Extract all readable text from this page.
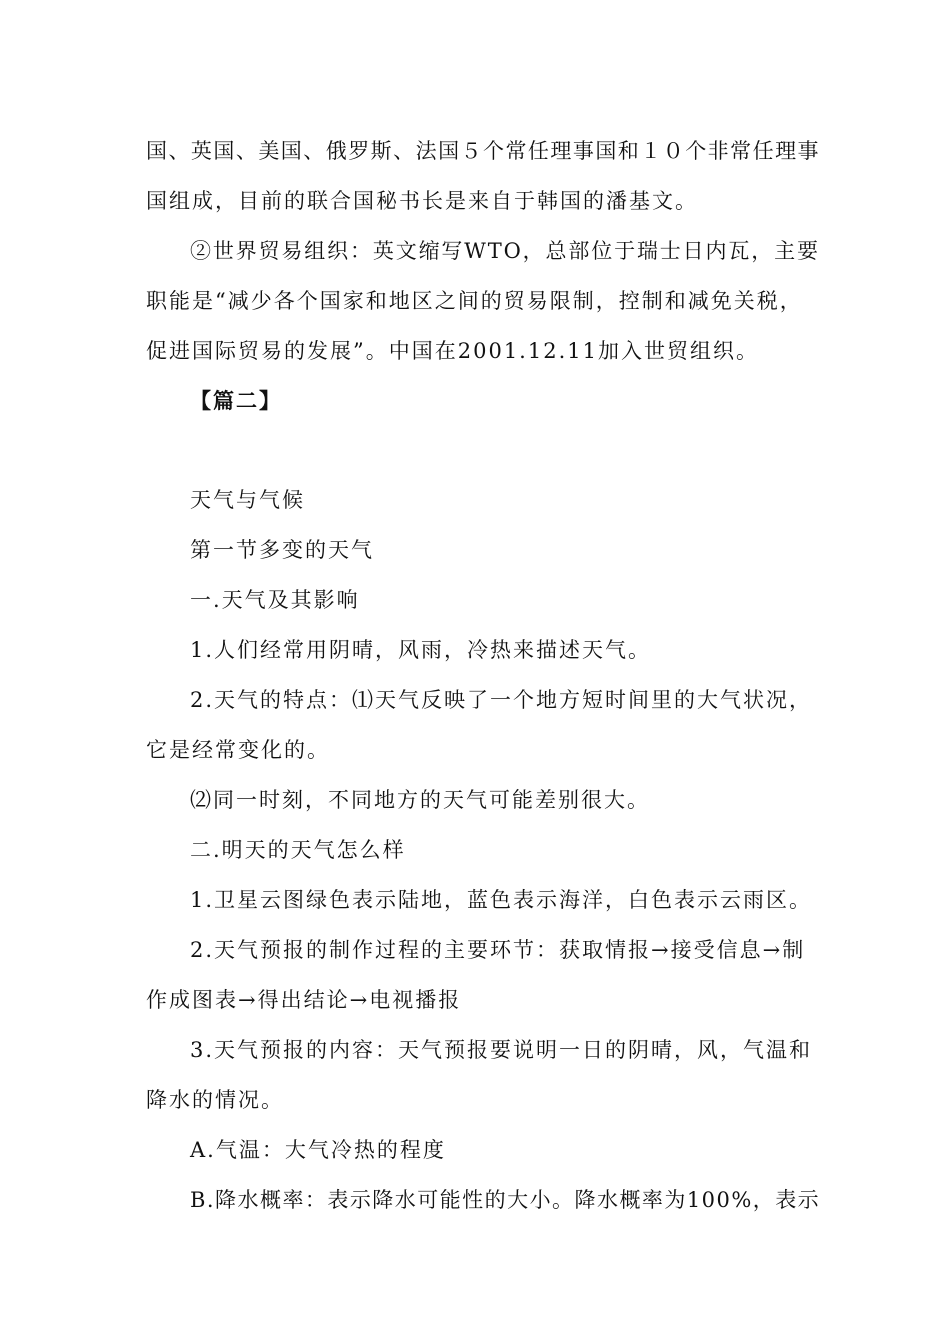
国、英国、美国、俄罗斯、法国５个常任理事国和１０个非常任理事
国组成，目前的联合国秘书长是来自于韩国的潘基文。
②世界贸易组织：英文缩写WTO，总部位于瑞士日内瓦，主要
职能是“减少各个国家和地区之间的贸易限制，控制和减免关税，
促进国际贸易的发展”。中国在2001.12.11加入世贸组织。
【篇二】
天气与气候
第一节多变的天气
一.天气及其影响
1.人们经常用阴晴，风雨，冷热来描述天气。
2.天气的特点：⑴天气反映了一个地方短时间里的大气状况，
它是经常变化的。
⑵同一时刻，不同地方的天气可能差别很大。
二.明天的天气怎么样
1.卫星云图绿色表示陆地，蓝色表示海洋，白色表示云雨区。
2.天气预报的制作过程的主要环节：获取情报→接受信息→制
作成图表→得出结论→电视播报
3.天气预报的内容：天气预报要说明一日的阴晴，风，气温和
降水的情况。
A.气温：大气冷热的程度
B.降水概率：表示降水可能性的大小。降水概率为100%，表示
